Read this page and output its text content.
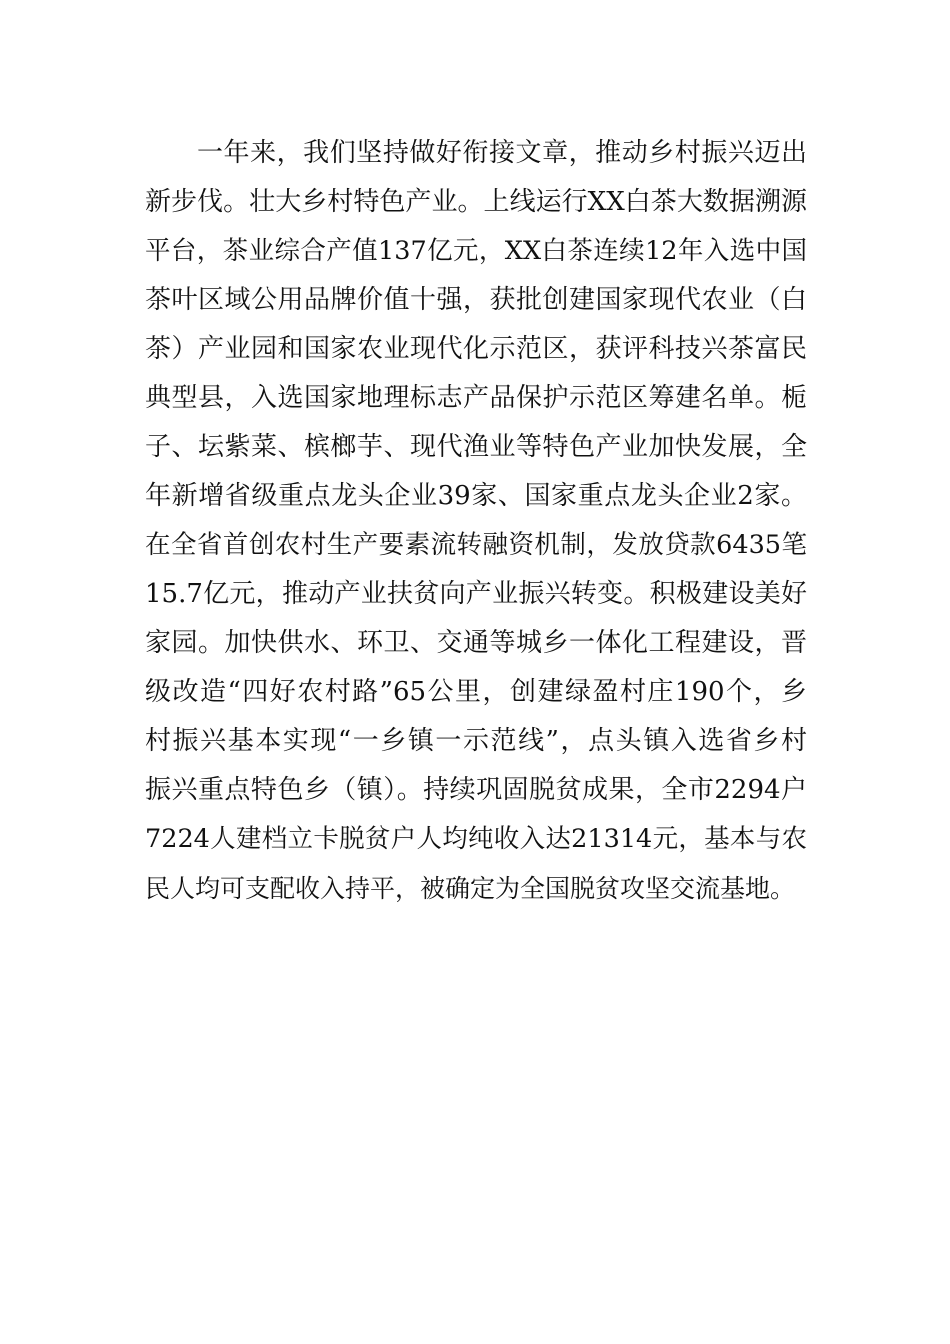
一年来，我们坚持做好衔接文章，推动乡村振兴迈出
新步伐。壮大乡村特色产业。上线运行XX白茶大数据溯源
平台，茶业综合产值137亿元，XX白茶连续12年入选中国
茶叶区域公用品牌价值十强，获批创建国家现代农业（白
茶）产业园和国家农业现代化示范区，获评科技兴茶富民
典型县，入选国家地理标志产品保护示范区筹建名单。栀
子、坛紫菜、槟榔芋、现代渔业等特色产业加快发展，全
年新增省级重点龙头企业39家、国家重点龙头企业2家。
在全省首创农村生产要素流转融资机制，发放贷款6435笔
15.7亿元，推动产业扶贫向产业振兴转变。积极建设美好
家园。加快供水、环卫、交通等城乡一体化工程建设，晋
级改造“四好农村路”65公里，创建绿盈村庄190个，乡
村振兴基本实现“一乡镇一示范线”，点头镇入选省乡村
振兴重点特色乡（镇）。持续巩固脱贫成果，全市2294户
7224人建档立卡脱贫户人均纯收入达21314元，基本与农
民人均可支配收入持平，被确定为全国脱贫攻坚交流基地。
